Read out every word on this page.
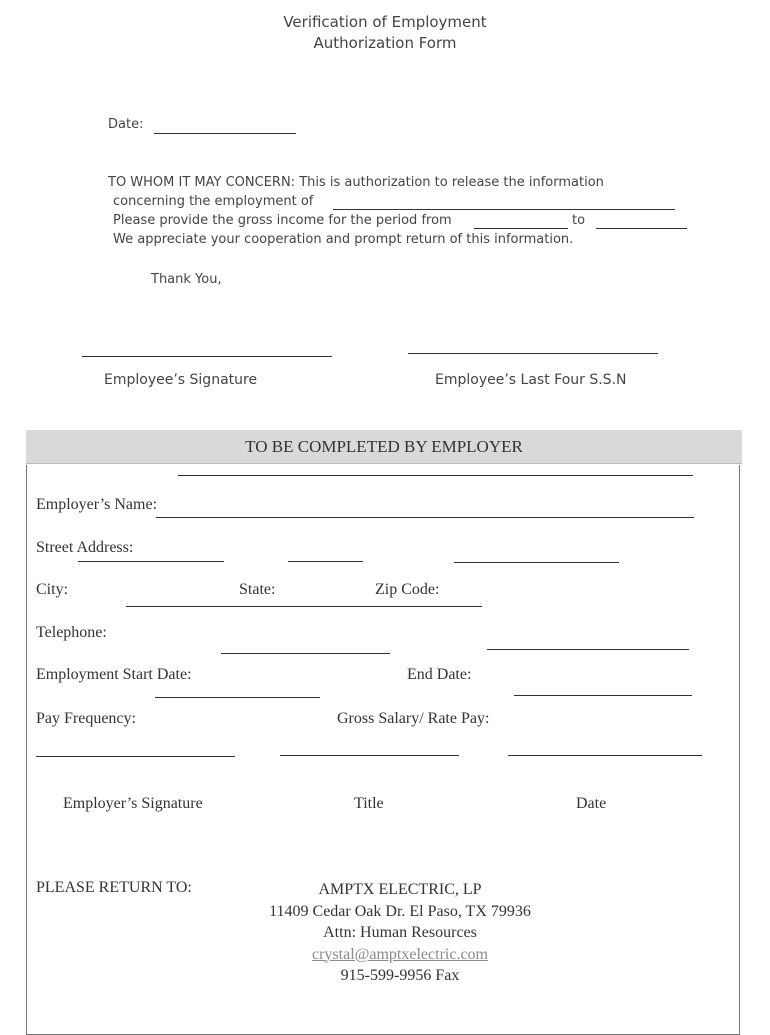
Verification of Employment
Authorization Form
Date:
TO WHOM IT MAY CONCERN: This is authorization to release the information
concerning the employment of
Please provide the gross income for the period from	to
We appreciate your cooperation and prompt return of this information.
Thank You,
Employee’s Signature	Employee’s Last Four S.S.N
TO BE COMPLETED BY EMPLOYER
Employer’s Name:
Street Address:
City:	State:	Zip Code:
Telephone:
Employment Start Date:	End Date:
Pay Frequency:	Gross Salary/ Rate Pay:
Employer’s Signature	Title	Date
PLEASE RETURN TO:	AMPTX ELECTRIC, LP
11409 Cedar Oak Dr. El Paso, TX 79936
Attn: Human Resources
crystal@amptxelectric.com
915-599-9956 Fax
